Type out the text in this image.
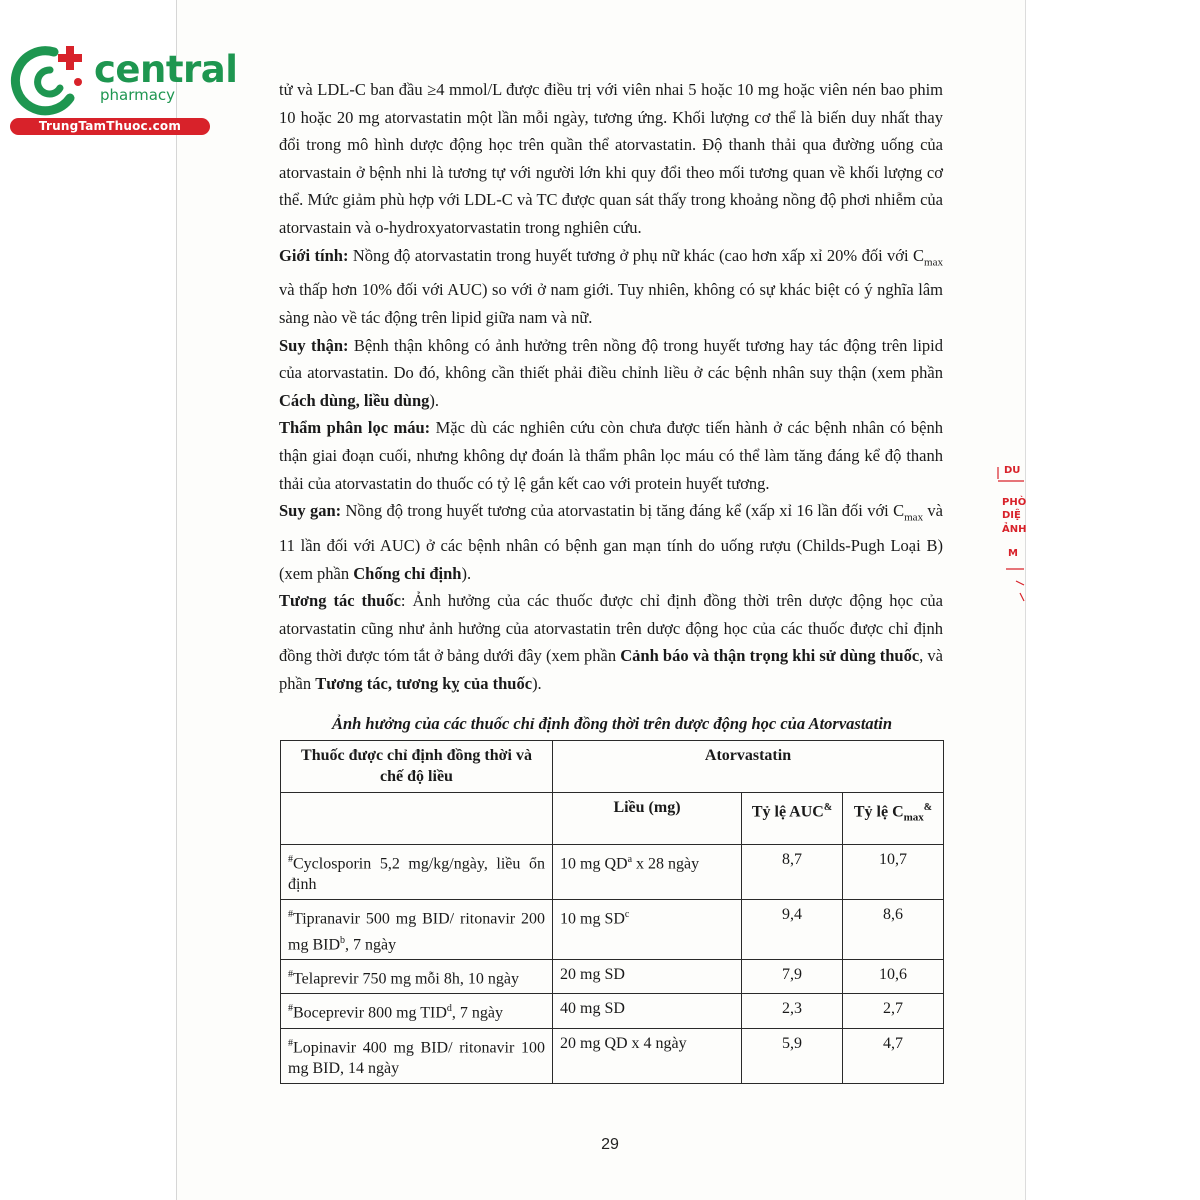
central

pharmacy
TrungTamThuoc.com

tử và LDL-C ban đầu ≥4 mmol/L được điều trị với viên nhai 5 hoặc 10 mg hoặc viên nén bao phim 10 hoặc 20 mg atorvastatin một lần mỗi ngày, tương ứng. Khối lượng cơ thể là biến duy nhất thay đổi trong mô hình dược động học trên quần thể atorvastatin. Độ thanh thải qua đường uống của atorvastain ở bệnh nhi là tương tự với người lớn khi quy đổi theo mối tương quan về khối lượng cơ thể. Mức giảm phù hợp với LDL-C và TC được quan sát thấy trong khoảng nồng độ phơi nhiễm của atorvastain và o-hydroxyatorvastatin trong nghiên cứu.

Giới tính: Nồng độ atorvastatin trong huyết tương ở phụ nữ khác (cao hơn xấp xỉ 20% đối với $C_{max}$ và thấp hơn 10% đối với AUC) so với ở nam giới. Tuy nhiên, không có sự khác biệt có ý nghĩa lâm sàng nào về tác động trên lipid giữa nam và nữ.

Suy thận: Bệnh thận không có ảnh hưởng trên nồng độ trong huyết tương hay tác động trên lipid của atorvastatin. Do đó, không cần thiết phải điều chỉnh liều ở các bệnh nhân suy thận (xem phần Cách dùng, liều dùng).

Thẩm phân lọc máu: Mặc dù các nghiên cứu còn chưa được tiến hành ở các bệnh nhân có bệnh thận giai đoạn cuối, nhưng không dự đoán là thẩm phân lọc máu có thể làm tăng đáng kể độ thanh thải của atorvastatin do thuốc có tỷ lệ gắn kết cao với protein huyết tương.

Suy gan: Nồng độ trong huyết tương của atorvastatin bị tăng đáng kể (xấp xỉ 16 lần đối với $C_{max}$ và 11 lần đối với AUC) ở các bệnh nhân có bệnh gan mạn tính do uống rượu (Childs-Pugh Loại B) (xem phần Chống chỉ định).

Tương tác thuốc: Ảnh hưởng của các thuốc được chỉ định đồng thời trên dược động học của atorvastatin cũng như ảnh hưởng của atorvastatin trên dược động học của các thuốc được chỉ định đồng thời được tóm tắt ở bảng dưới đây (xem phần Cảnh báo và thận trọng khi sử dùng thuốc, và phần Tương tác, tương kỵ của thuốc).

Ảnh hưởng của các thuốc chỉ định đồng thời trên dược động học của Atorvastatin
Thuốc được chỉ định đồng thời và chế độ liều	Atorvastatin		
	Liều (mg)	Tỷ lệ AUC&	Tỷ lệ $C_{max}^{\&}$
#Cyclosporin 5,2 mg/kg/ngày, liều ổn định	10 mg $QD^a$ x 28 ngày	8,7	10,7
#Tipranavir 500 mg BID/ ritonavir 200 mg BID$^b$, 7 ngày	10 mg $SD^c$	9,4	8,6
#Telaprevir 750 mg mỗi 8h, 10 ngày	20 mg SD	7,9	10,6
#Boceprevir 800 mg TID$^d$, 7 ngày	40 mg SD	2,3	2,7
#Lopinavir 400 mg BID/ ritonavir 100 mg BID, 14 ngày	20 mg QD x 4 ngày	5,9	4,7
29
DU
PHÒ
DIỆ
ẢNH
M
